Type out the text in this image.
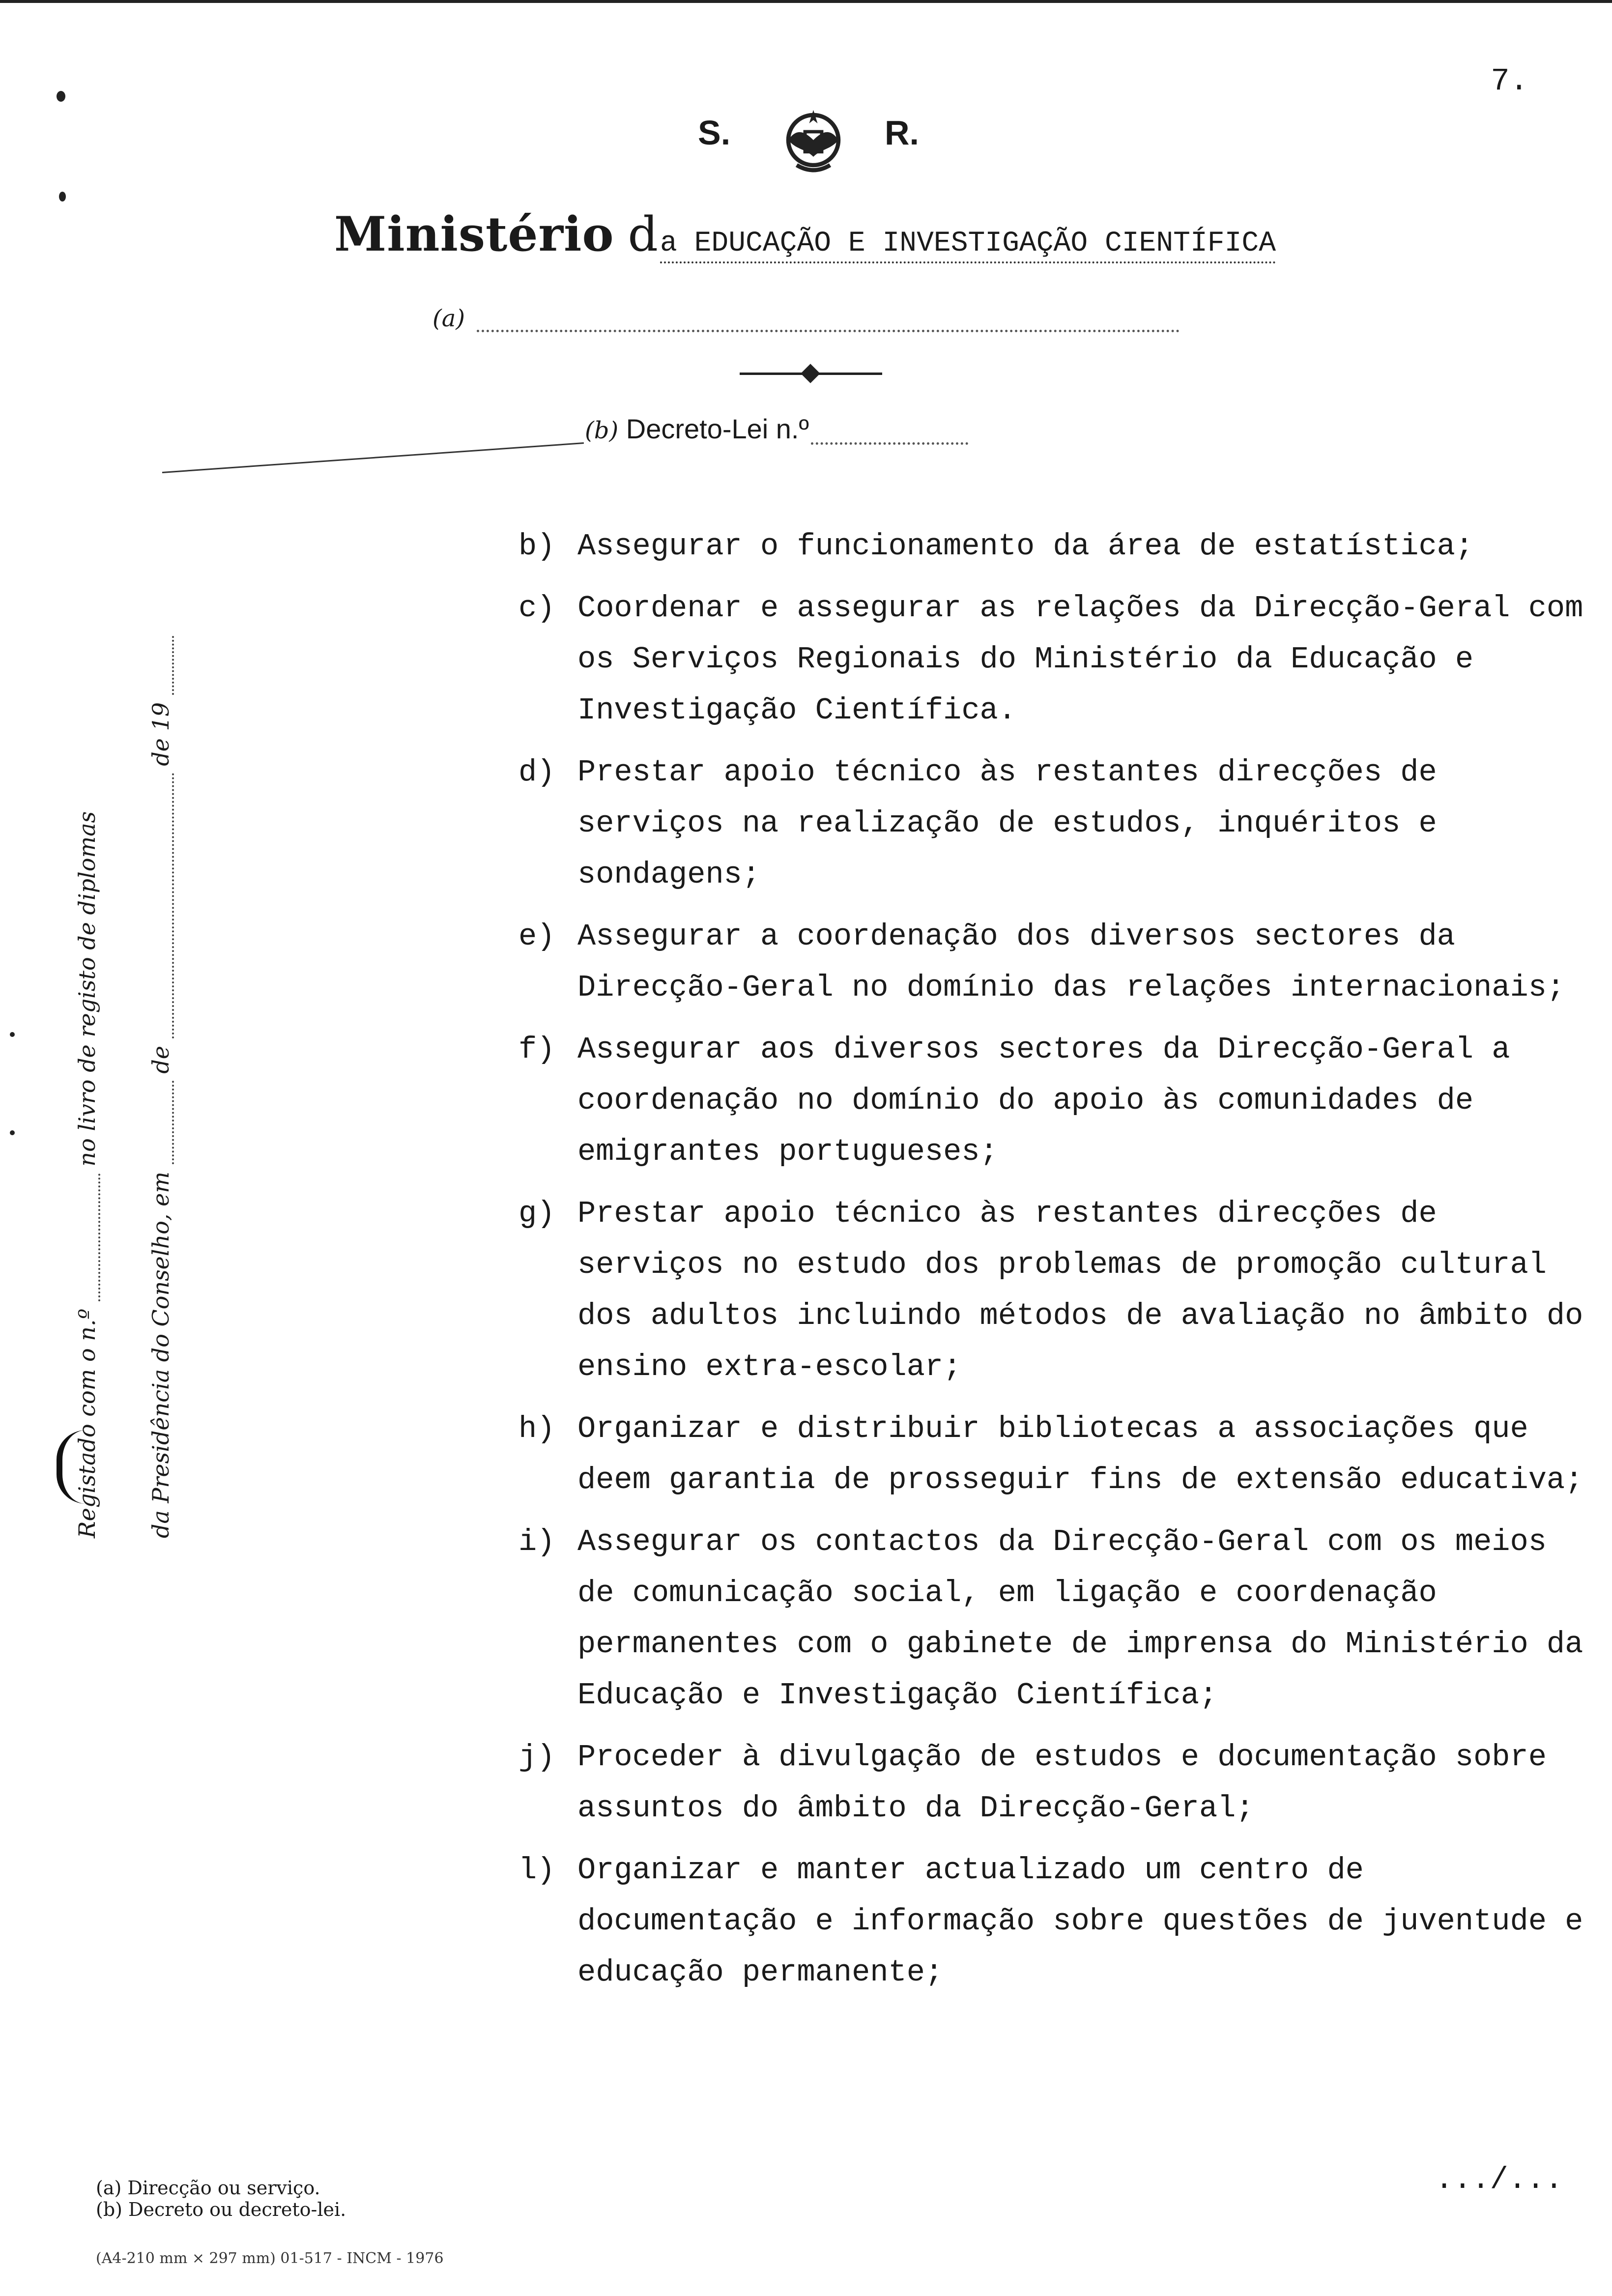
7.
S.	R.
Ministério da EDUCAÇÃO E INVESTIGAÇÃO CIENTÍFICA
(a)
(b) Decreto-Lei n.º
Registado com o n.º  no livro de registo de diplomas
da Presidência do Conselho, em  de  de 19
b) Assegurar o funcionamento da área de estatística;
c) Coordenar e assegurar as relações da Direcção-Geral com os Serviços Regionais do Ministério da Educação e Investigação Científica.
d) Prestar apoio técnico às restantes direcções de serviços na realização de estudos, inquéritos e sondagens;
e) Assegurar a coordenação dos diversos sectores da Direcção-Geral no domínio das relações internacionais;
f) Assegurar aos diversos sectores da Direcção-Geral a coordenação no domínio do apoio às comunidades de emigrantes portugueses;
g) Prestar apoio técnico às restantes direcções de serviços no estudo dos problemas de promoção cultural dos adultos incluindo métodos de avaliação no âmbito do ensino extra-escolar;
h) Organizar e distribuir bibliotecas a associações que deem garantia de prosseguir fins de extensão educativa;
i) Assegurar os contactos da Direcção-Geral com os meios de comunicação social, em ligação e coordenação permanentes com o gabinete de imprensa do Ministério da Educação e Investigação Científica;
j) Proceder à divulgação de estudos e documentação sobre assuntos do âmbito da Direcção-Geral;
l) Organizar e manter actualizado um centro de documentação e informação sobre questões de juventude e educação permanente;
.../...
(a) Direcção ou serviço.
(b) Decreto ou decreto-lei.
(A4-210 mm × 297 mm) 01-517 - INCM - 1976
